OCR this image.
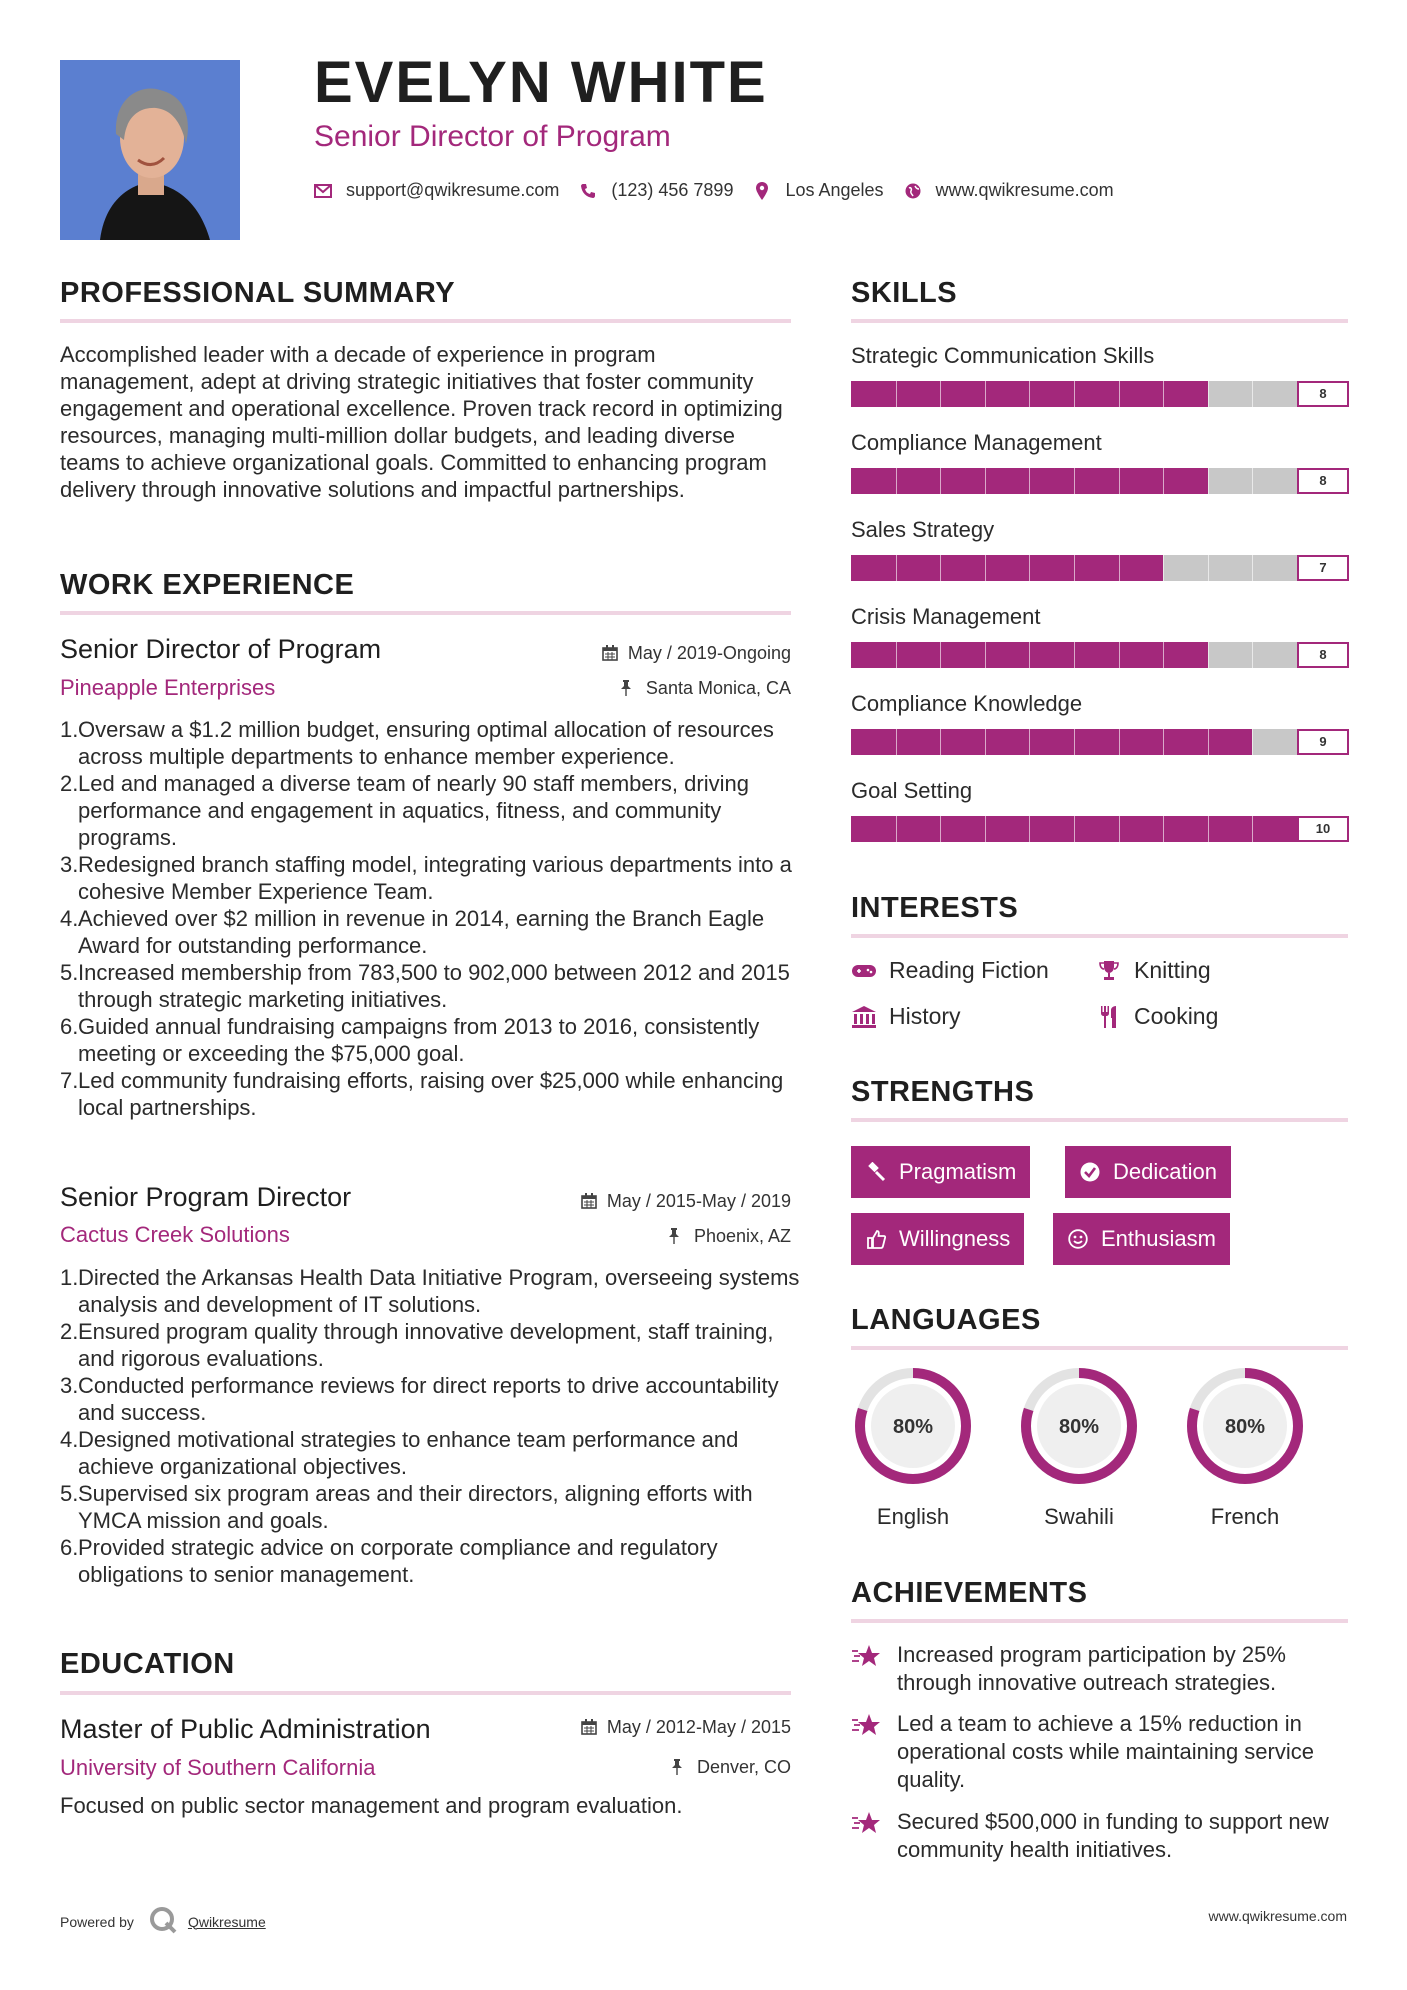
EVELYN WHITE
Senior Director of Program
support@qwikresume.com	(123) 456 7899	Los Angeles	www.qwikresume.com
PROFESSIONAL SUMMARY
Accomplished leader with a decade of experience in program management, adept at driving strategic initiatives that foster community engagement and operational excellence. Proven track record in optimizing resources, managing multi-million dollar budgets, and leading diverse teams to achieve organizational goals. Committed to enhancing program delivery through innovative solutions and impactful partnerships.
WORK EXPERIENCE
Senior Director of Program	May / 2019-Ongoing
Pineapple Enterprises	Santa Monica, CA
Oversaw a $1.2 million budget, ensuring optimal allocation of resources across multiple departments to enhance member experience.
Led and managed a diverse team of nearly 90 staff members, driving performance and engagement in aquatics, fitness, and community programs.
Redesigned branch staffing model, integrating various departments into a cohesive Member Experience Team.
Achieved over $2 million in revenue in 2014, earning the Branch Eagle Award for outstanding performance.
Increased membership from 783,500 to 902,000 between 2012 and 2015 through strategic marketing initiatives.
Guided annual fundraising campaigns from 2013 to 2016, consistently meeting or exceeding the $75,000 goal.
Led community fundraising efforts, raising over $25,000 while enhancing local partnerships.
Senior Program Director	May / 2015-May / 2019
Cactus Creek Solutions	Phoenix, AZ
Directed the Arkansas Health Data Initiative Program, overseeing systems analysis and development of IT solutions.
Ensured program quality through innovative development, staff training, and rigorous evaluations.
Conducted performance reviews for direct reports to drive accountability and success.
Designed motivational strategies to enhance team performance and achieve organizational objectives.
Supervised six program areas and their directors, aligning efforts with YMCA mission and goals.
Provided strategic advice on corporate compliance and regulatory obligations to senior management.
EDUCATION
Master of Public Administration	May / 2012-May / 2015
University of Southern California	Denver, CO
Focused on public sector management and program evaluation.
SKILLS
Strategic Communication Skills
8
Compliance Management
8
Sales Strategy
7
Crisis Management
8
Compliance Knowledge
9
Goal Setting
10
INTERESTS
Reading Fiction	Knitting
History	Cooking
STRENGTHS
Pragmatism	Dedication
Willingness	Enthusiasm
LANGUAGES
80%
English
80%
Swahili
80%
French
ACHIEVEMENTS
Increased program participation by 25% through innovative outreach strategies.
Led a team to achieve a 15% reduction in operational costs while maintaining service quality.
Secured $500,000 in funding to support new community health initiatives.
Powered by	Qwikresume	www.qwikresume.com
